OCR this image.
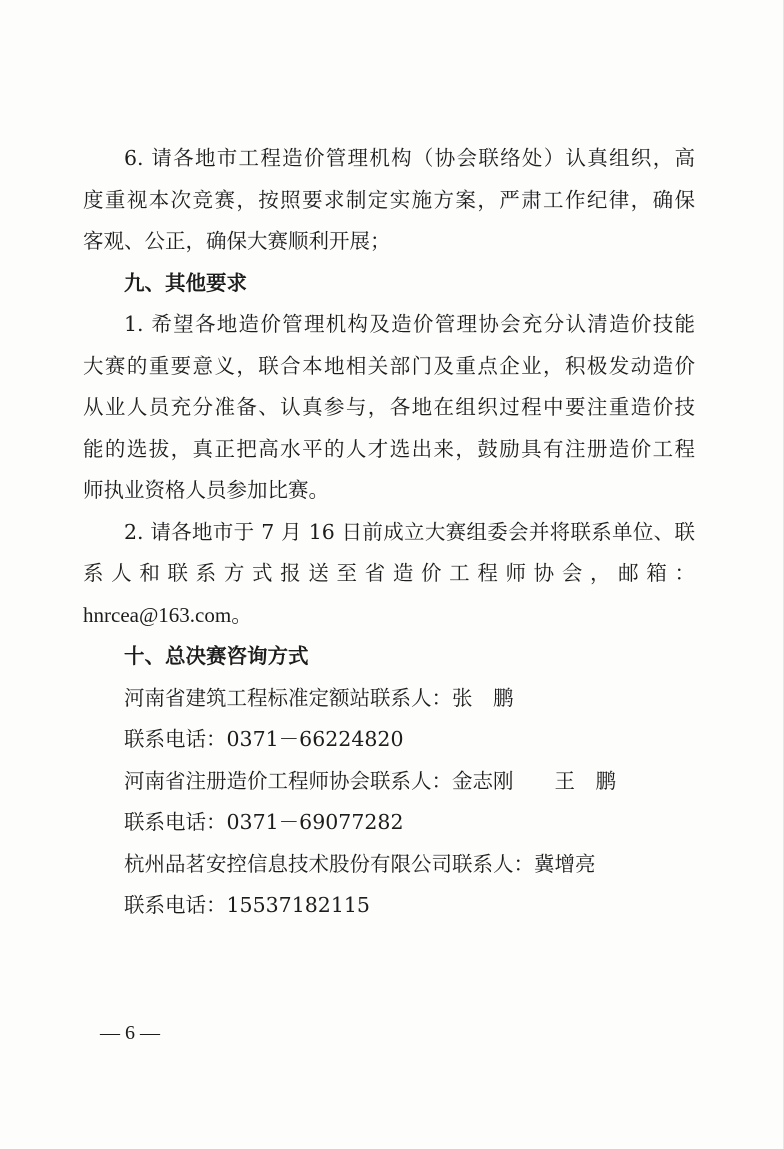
6. 请各地市工程造价管理机构（协会联络处）认真组织，高
度重视本次竞赛，按照要求制定实施方案，严肃工作纪律，确保
客观、公正，确保大赛顺利开展；
九、其他要求
1. 希望各地造价管理机构及造价管理协会充分认清造价技能
大赛的重要意义，联合本地相关部门及重点企业，积极发动造价
从业人员充分准备、认真参与，各地在组织过程中要注重造价技
能的选拔，真正把高水平的人才选出来，鼓励具有注册造价工程
师执业资格人员参加比赛。
2. 请各地市于 7 月 16 日前成立大赛组委会并将联系单位、联
系人和联系方式报送至省造价工程师协会，邮箱：
hnrcea@163.com。
十、总决赛咨询方式
河南省建筑工程标准定额站联系人：张　鹏
联系电话：0371－66224820
河南省注册造价工程师协会联系人：金志刚　　王　鹏
联系电话：0371－69077282
杭州品茗安控信息技术股份有限公司联系人：冀增亮
联系电话：15537182115
— 6 —
